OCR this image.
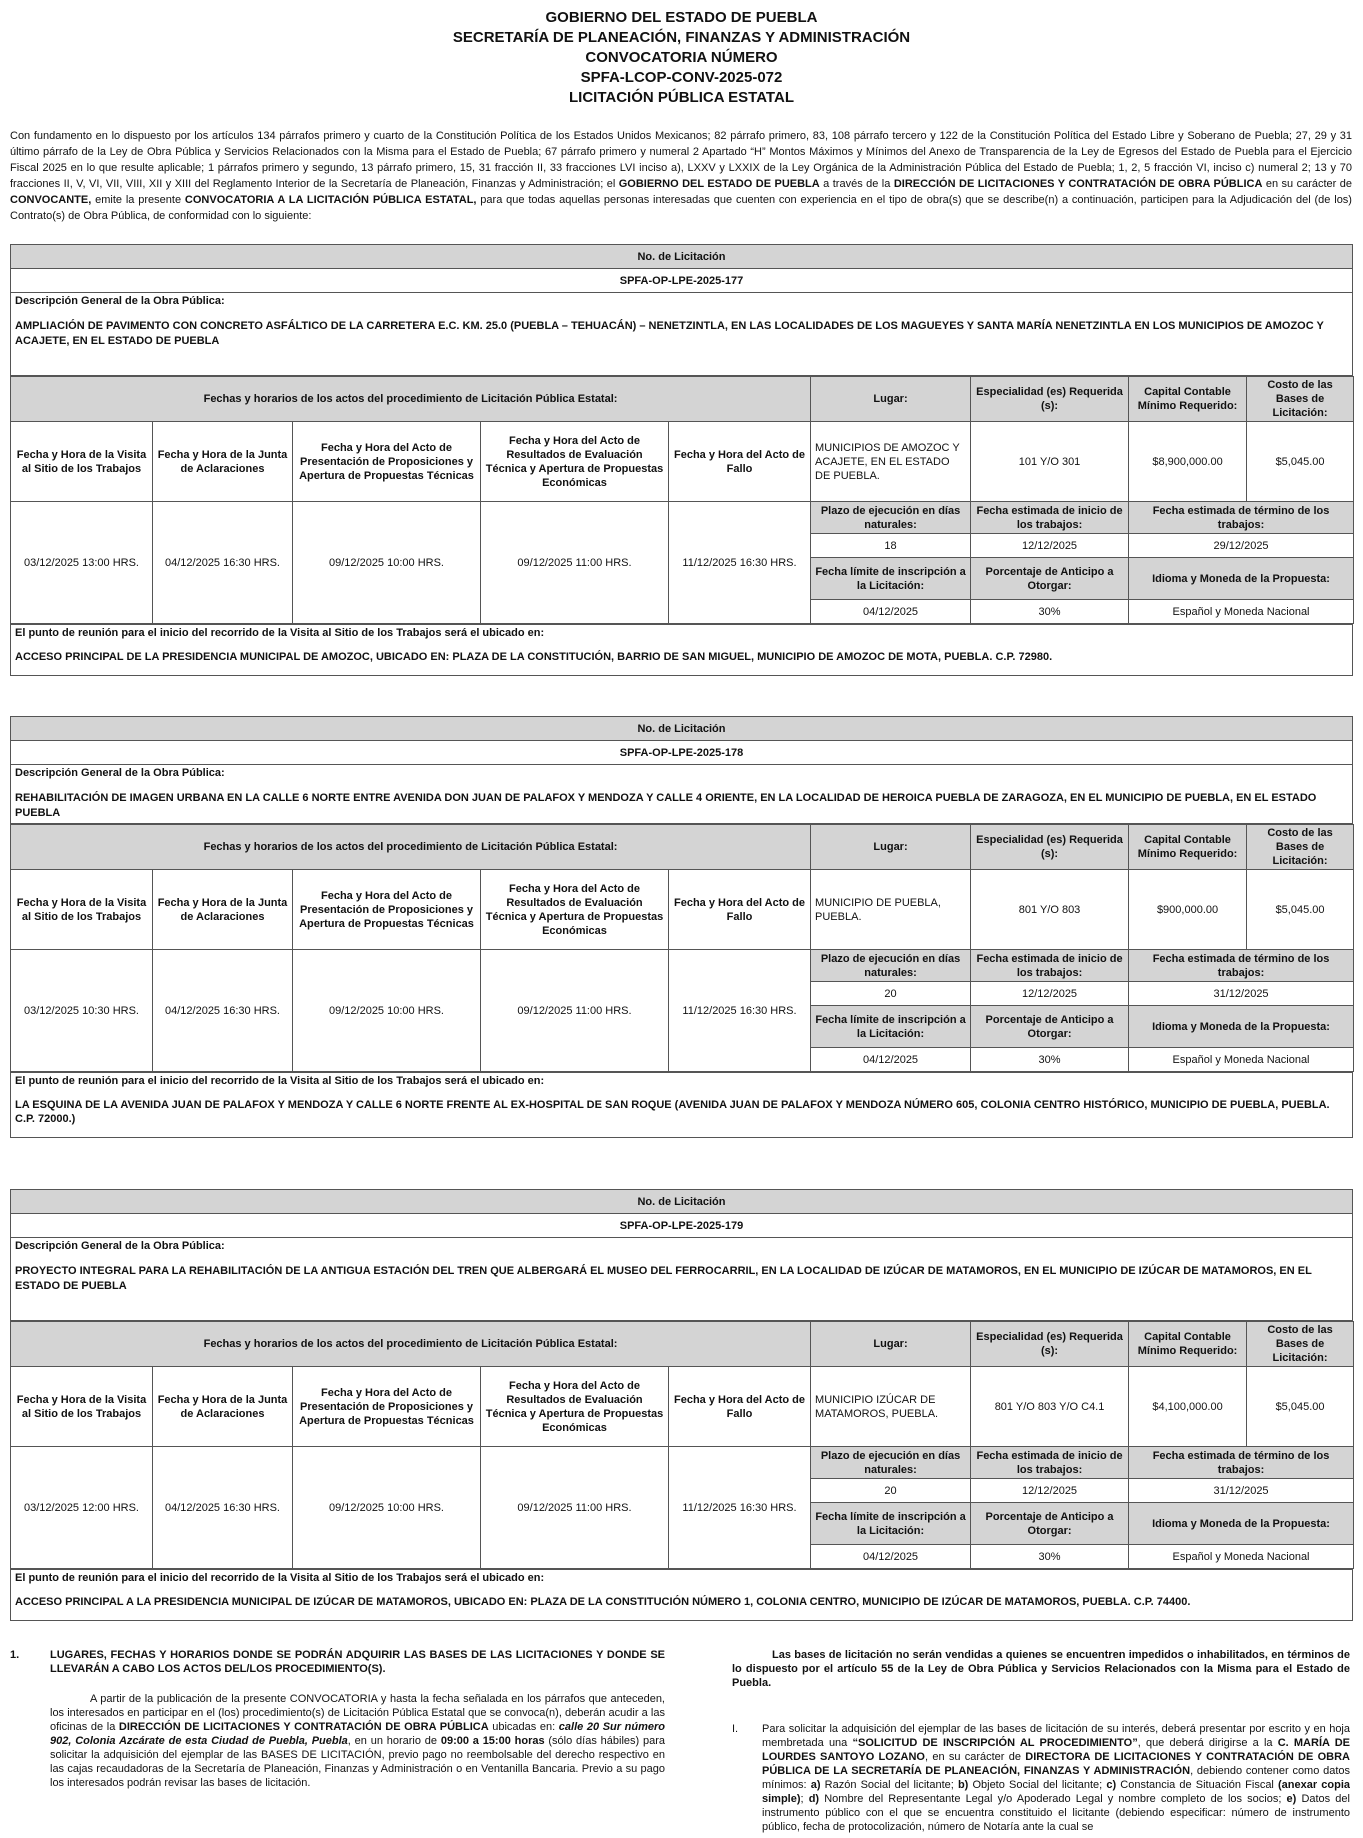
GOBIERNO DEL ESTADO DE PUEBLA
SECRETARÍA DE PLANEACIÓN, FINANZAS Y ADMINISTRACIÓN
CONVOCATORIA NÚMERO
SPFA-LCOP-CONV-2025-072
LICITACIÓN PÚBLICA ESTATAL
Con fundamento en lo dispuesto por los artículos 134 párrafos primero y cuarto de la Constitución Política de los Estados Unidos Mexicanos; 82 párrafo primero, 83, 108 párrafo tercero y 122 de la Constitución Política del Estado Libre y Soberano de Puebla; 27, 29 y 31 último párrafo de la Ley de Obra Pública y Servicios Relacionados con la Misma para el Estado de Puebla; 67 párrafo primero y numeral 2 Apartado “H” Montos Máximos y Mínimos del Anexo de Transparencia de la Ley de Egresos del Estado de Puebla para el Ejercicio Fiscal 2025 en lo que resulte aplicable; 1 párrafos primero y segundo, 13 párrafo primero, 15, 31 fracción II, 33 fracciones LVI inciso a), LXXV y LXXIX de la Ley Orgánica de la Administración Pública del Estado de Puebla; 1, 2, 5 fracción VI, inciso c) numeral 2; 13 y 70 fracciones II, V, VI, VII, VIII, XII y XIII del Reglamento Interior de la Secretaría de Planeación, Finanzas y Administración; el GOBIERNO DEL ESTADO DE PUEBLA a través de la DIRECCIÓN DE LICITACIONES Y CONTRATACIÓN DE OBRA PÚBLICA en su carácter de CONVOCANTE, emite la presente CONVOCATORIA A LA LICITACIÓN PÚBLICA ESTATAL, para que todas aquellas personas interesadas que cuenten con experiencia en el tipo de obra(s) que se describe(n) a continuación, participen para la Adjudicación del (de los) Contrato(s) de Obra Pública, de conformidad con lo siguiente:
No. de Licitación
SPFA-OP-LPE-2025-177

Descripción General de la Obra Pública:
AMPLIACIÓN DE PAVIMENTO CON CONCRETO ASFÁLTICO DE LA CARRETERA E.C. KM. 25.0 (PUEBLA – TEHUACÁN) – NENETZINTLA, EN LAS LOCALIDADES DE LOS MAGUEYES Y SANTA MARÍA NENETZINTLA EN LOS MUNICIPIOS DE AMOZOC Y ACAJETE, EN EL ESTADO DE PUEBLA
Fechas y horarios de los actos del procedimiento de Licitación Pública Estatal:					Lugar:	Especialidad (es) Requerida (s):	Capital Contable Mínimo Requerido:	Costo de las Bases de Licitación:
Fecha y Hora de la Visita al Sitio de los Trabajos	Fecha y Hora de la Junta de Aclaraciones	Fecha y Hora del Acto de Presentación de Proposiciones y Apertura de Propuestas Técnicas	Fecha y Hora del Acto de Resultados de Evaluación Técnica y Apertura de Propuestas Económicas	Fecha y Hora del Acto de Fallo	MUNICIPIOS DE AMOZOC Y ACAJETE, EN EL ESTADO DE PUEBLA.	101 Y/O 301	$8,900,000.00	$5,045.00
03/12/2025 13:00 HRS.	04/12/2025 16:30 HRS.	09/12/2025 10:00 HRS.	09/12/2025 11:00 HRS.	11/12/2025 16:30 HRS.	Plazo de ejecución en días naturales:	Fecha estimada de inicio de los trabajos:	Fecha estimada de término de los trabajos:	
					18	12/12/2025	29/12/2025	
					Fecha límite de inscripción a la Licitación:	Porcentaje de Anticipo a Otorgar:	Idioma y Moneda de la Propuesta:	
					04/12/2025	30%	Español y Moneda Nacional	
El punto de reunión para el inicio del recorrido de la Visita al Sitio de los Trabajos será el ubicado en:
ACCESO PRINCIPAL DE LA PRESIDENCIA MUNICIPAL DE AMOZOC, UBICADO EN: PLAZA DE LA CONSTITUCIÓN, BARRIO DE SAN MIGUEL, MUNICIPIO DE AMOZOC DE MOTA, PUEBLA. C.P. 72980.
No. de Licitación
SPFA-OP-LPE-2025-178

Descripción General de la Obra Pública:
REHABILITACIÓN DE IMAGEN URBANA EN LA CALLE 6 NORTE ENTRE AVENIDA DON JUAN DE PALAFOX Y MENDOZA Y CALLE 4 ORIENTE, EN LA LOCALIDAD DE HEROICA PUEBLA DE ZARAGOZA, EN EL MUNICIPIO DE PUEBLA, EN EL ESTADO PUEBLA
Fechas y horarios de los actos del procedimiento de Licitación Pública Estatal:					Lugar:	Especialidad (es) Requerida (s):	Capital Contable Mínimo Requerido:	Costo de las Bases de Licitación:
Fecha y Hora de la Visita al Sitio de los Trabajos	Fecha y Hora de la Junta de Aclaraciones	Fecha y Hora del Acto de Presentación de Proposiciones y Apertura de Propuestas Técnicas	Fecha y Hora del Acto de Resultados de Evaluación Técnica y Apertura de Propuestas Económicas	Fecha y Hora del Acto de Fallo	MUNICIPIO DE PUEBLA, PUEBLA.	801 Y/O 803	$900,000.00	$5,045.00
03/12/2025 10:30 HRS.	04/12/2025 16:30 HRS.	09/12/2025 10:00 HRS.	09/12/2025 11:00 HRS.	11/12/2025 16:30 HRS.	Plazo de ejecución en días naturales:	Fecha estimada de inicio de los trabajos:	Fecha estimada de término de los trabajos:	
					20	12/12/2025	31/12/2025	
					Fecha límite de inscripción a la Licitación:	Porcentaje de Anticipo a Otorgar:	Idioma y Moneda de la Propuesta:	
					04/12/2025	30%	Español y Moneda Nacional	
El punto de reunión para el inicio del recorrido de la Visita al Sitio de los Trabajos será el ubicado en:
LA ESQUINA DE LA AVENIDA JUAN DE PALAFOX Y MENDOZA Y CALLE 6 NORTE FRENTE AL EX-HOSPITAL DE SAN ROQUE (AVENIDA JUAN DE PALAFOX Y MENDOZA NÚMERO 605, COLONIA CENTRO HISTÓRICO, MUNICIPIO DE PUEBLA, PUEBLA. C.P. 72000.)
No. de Licitación
SPFA-OP-LPE-2025-179

Descripción General de la Obra Pública:
PROYECTO INTEGRAL PARA LA REHABILITACIÓN DE LA ANTIGUA ESTACIÓN DEL TREN QUE ALBERGARÁ EL MUSEO DEL FERROCARRIL, EN LA LOCALIDAD DE IZÚCAR DE MATAMOROS, EN EL MUNICIPIO DE IZÚCAR DE MATAMOROS, EN EL ESTADO DE PUEBLA
Fechas y horarios de los actos del procedimiento de Licitación Pública Estatal:					Lugar:	Especialidad (es) Requerida (s):	Capital Contable Mínimo Requerido:	Costo de las Bases de Licitación:
Fecha y Hora de la Visita al Sitio de los Trabajos	Fecha y Hora de la Junta de Aclaraciones	Fecha y Hora del Acto de Presentación de Proposiciones y Apertura de Propuestas Técnicas	Fecha y Hora del Acto de Resultados de Evaluación Técnica y Apertura de Propuestas Económicas	Fecha y Hora del Acto de Fallo	MUNICIPIO IZÚCAR DE MATAMOROS, PUEBLA.	801 Y/O 803 Y/O C4.1	$4,100,000.00	$5,045.00
03/12/2025 12:00 HRS.	04/12/2025 16:30 HRS.	09/12/2025 10:00 HRS.	09/12/2025 11:00 HRS.	11/12/2025 16:30 HRS.	Plazo de ejecución en días naturales:	Fecha estimada de inicio de los trabajos:	Fecha estimada de término de los trabajos:	
					20	12/12/2025	31/12/2025	
					Fecha límite de inscripción a la Licitación:	Porcentaje de Anticipo a Otorgar:	Idioma y Moneda de la Propuesta:	
					04/12/2025	30%	Español y Moneda Nacional	
El punto de reunión para el inicio del recorrido de la Visita al Sitio de los Trabajos será el ubicado en:
ACCESO PRINCIPAL A LA PRESIDENCIA MUNICIPAL DE IZÚCAR DE MATAMOROS, UBICADO EN: PLAZA DE LA CONSTITUCIÓN NÚMERO 1, COLONIA CENTRO, MUNICIPIO DE IZÚCAR DE MATAMOROS, PUEBLA. C.P. 74400.
1.	LUGARES, FECHAS Y HORARIOS DONDE SE PODRÁN ADQUIRIR LAS BASES DE LAS LICITACIONES Y DONDE SE LLEVARÁN A CABO LOS ACTOS DEL/LOS PROCEDIMIENTO(S).
A partir de la publicación de la presente CONVOCATORIA y hasta la fecha señalada en los párrafos que anteceden, los interesados en participar en el (los) procedimiento(s) de Licitación Pública Estatal que se convoca(n), deberán acudir a las oficinas de la DIRECCIÓN DE LICITACIONES Y CONTRATACIÓN DE OBRA PÚBLICA ubicadas en: calle 20 Sur número 902, Colonia Azcárate de esta Ciudad de Puebla, Puebla, en un horario de 09:00 a 15:00 horas (sólo días hábiles) para solicitar la adquisición del ejemplar de las BASES DE LICITACIÓN, previo pago no reembolsable del derecho respectivo en las cajas recaudadoras de la Secretaría de Planeación, Finanzas y Administración o en Ventanilla Bancaria. Previo a su pago los interesados podrán revisar las bases de licitación.
Las bases de licitación no serán vendidas a quienes se encuentren impedidos o inhabilitados, en términos de lo dispuesto por el artículo 55 de la Ley de Obra Pública y Servicios Relacionados con la Misma para el Estado de Puebla.
I.	Para solicitar la adquisición del ejemplar de las bases de licitación de su interés, deberá presentar por escrito y en hoja membretada una “SOLICITUD DE INSCRIPCIÓN AL PROCEDIMIENTO”, que deberá dirigirse a la C. MARÍA DE LOURDES SANTOYO LOZANO, en su carácter de DIRECTORA DE LICITACIONES Y CONTRATACIÓN DE OBRA PÚBLICA DE LA SECRETARÍA DE PLANEACIÓN, FINANZAS Y ADMINISTRACIÓN, debiendo contener como datos mínimos: a) Razón Social del licitante; b) Objeto Social del licitante; c) Constancia de Situación Fiscal (anexar copia simple); d) Nombre del Representante Legal y/o Apoderado Legal y nombre completo de los socios; e) Datos del instrumento público con el que se encuentra constituido el licitante (debiendo especificar: número de instrumento público, fecha de protocolización, número de Notaría ante la cual se
